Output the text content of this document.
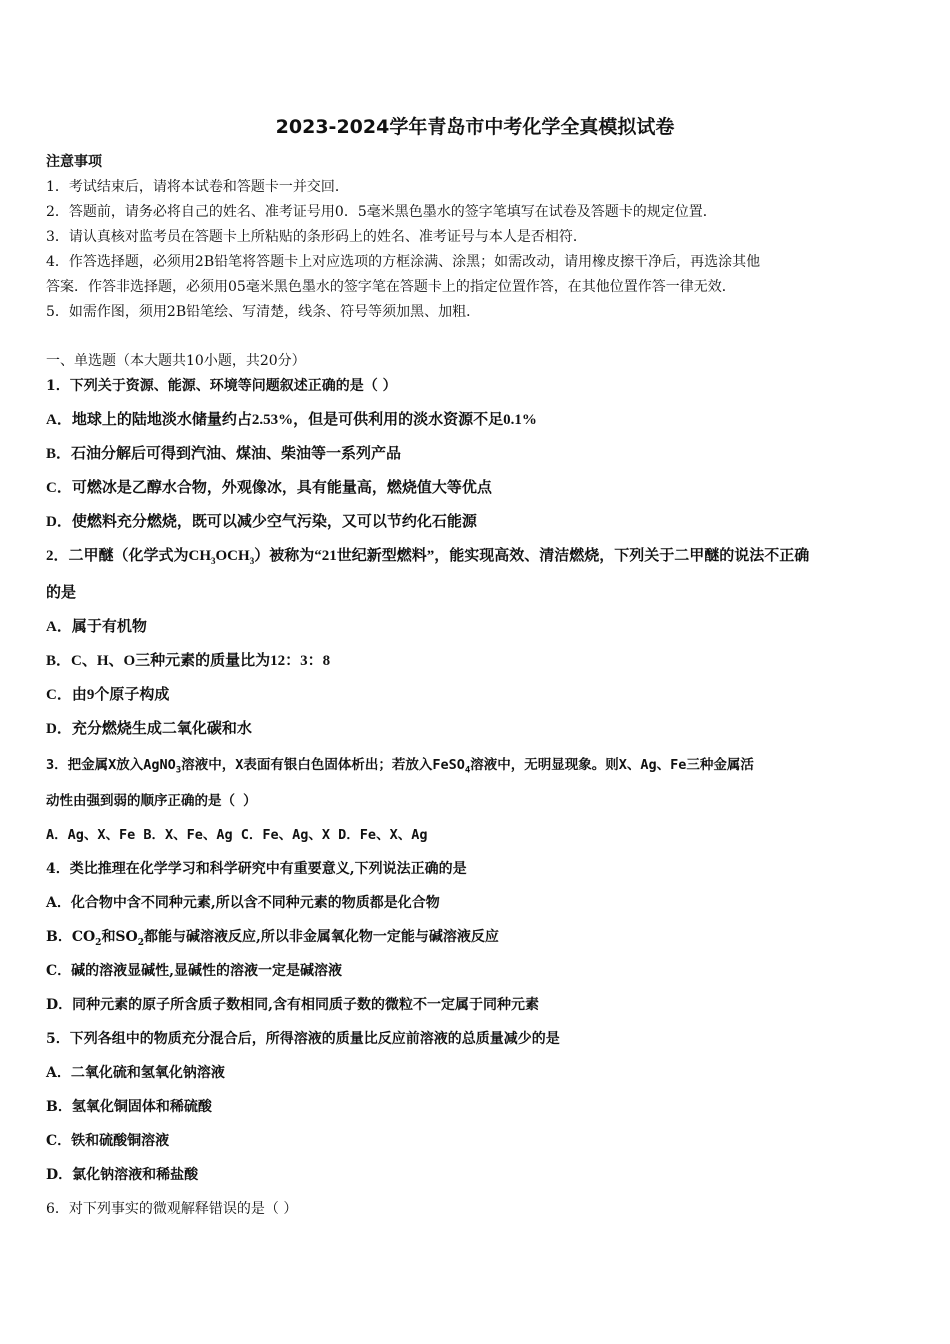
2023-2024学年青岛市中考化学全真模拟试卷
注意事项
1．考试结束后，请将本试卷和答题卡一并交回．
2．答题前，请务必将自己的姓名、准考证号用0．5毫米黑色墨水的签字笔填写在试卷及答题卡的规定位置．
3．请认真核对监考员在答题卡上所粘贴的条形码上的姓名、准考证号与本人是否相符．
4．作答选择题，必须用2B铅笔将答题卡上对应选项的方框涂满、涂黑；如需改动，请用橡皮擦干净后，再选涂其他
答案．作答非选择题，必须用05毫米黑色墨水的签字笔在答题卡上的指定位置作答，在其他位置作答一律无效．
5．如需作图，须用2B铅笔绘、写清楚，线条、符号等须加黑、加粗．
一、单选题（本大题共10小题，共20分）
1．下列关于资源、能源、环境等问题叙述正确的是（ ）
A．地球上的陆地淡水储量约占2.53%，但是可供利用的淡水资源不足0.1%
B．石油分解后可得到汽油、煤油、柴油等一系列产品
C．可燃冰是乙醇水合物，外观像冰，具有能量高，燃烧值大等优点
D．使燃料充分燃烧，既可以减少空气污染，又可以节约化石能源
2．二甲醚（化学式为$CH_3OCH_3$）被称为“21世纪新型燃料”，能实现高效、清洁燃烧，下列关于二甲醚的说法不正确
的是
A．属于有机物
B．C、H、O三种元素的质量比为12：3：8
C．由9个原子构成
D．充分燃烧生成二氧化碳和水
3．把金属X放入AgNO$_3$溶液中，X表面有银白色固体析出；若放入FeSO$_4$溶液中，无明显现象。则X、Ag、Fe三种金属活
动性由强到弱的顺序正确的是（ ）
A．Ag、X、Fe B．X、Fe、Ag C．Fe、Ag、X D．Fe、X、Ag
4．类比推理在化学学习和科学研究中有重要意义,下列说法正确的是
A．化合物中含不同种元素,所以含不同种元素的物质都是化合物
B．$CO_2$和$SO_2$都能与碱溶液反应,所以非金属氧化物一定能与碱溶液反应
C．碱的溶液显碱性,显碱性的溶液一定是碱溶液
D．同种元素的原子所含质子数相同,含有相同质子数的微粒不一定属于同种元素
5．下列各组中的物质充分混合后，所得溶液的质量比反应前溶液的总质量减少的是
A．二氧化硫和氢氧化钠溶液
B．氢氧化铜固体和稀硫酸
C．铁和硫酸铜溶液
D．氯化钠溶液和稀盐酸
6．对下列事实的微观解释错误的是（ ）
